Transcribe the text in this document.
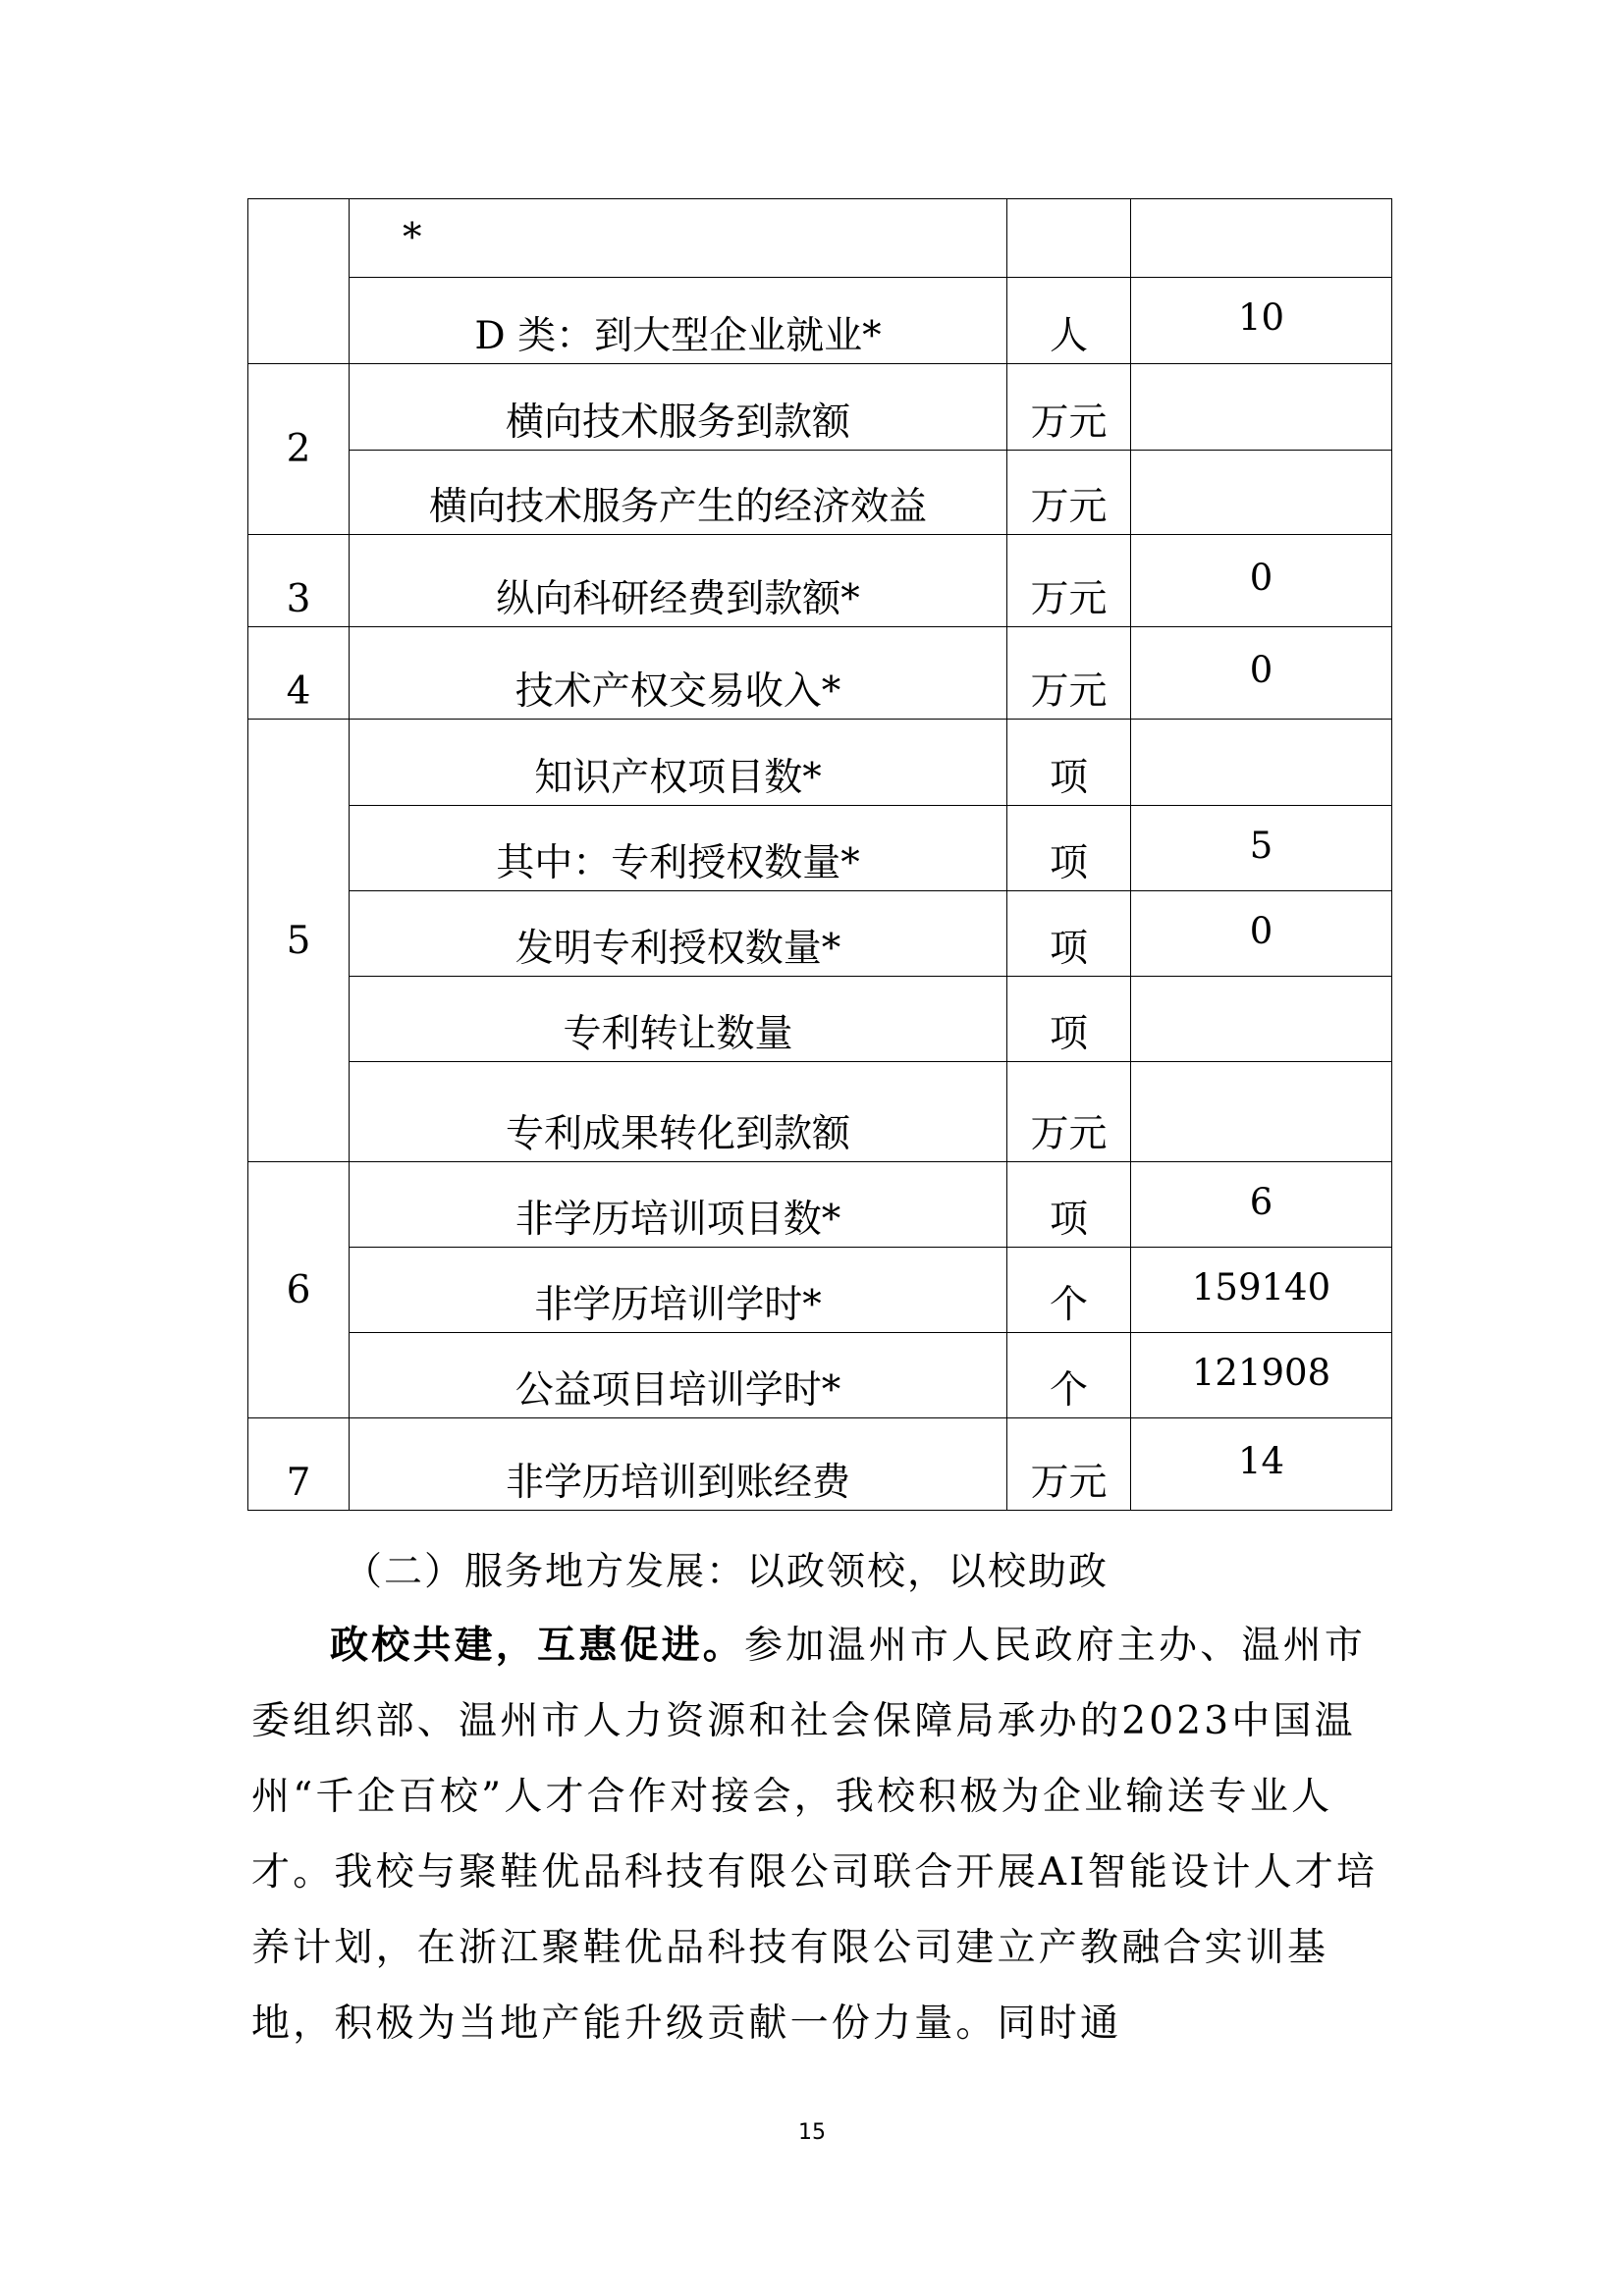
	*		
	D 类：到大型企业就业*	人	10
2	横向技术服务到款额	万元	
	横向技术服务产生的经济效益	万元	
3	纵向科研经费到款额*	万元	0
4	技术产权交易收入*	万元	0
5	知识产权项目数*	项	
	其中：专利授权数量*	项	5
	发明专利授权数量*	项	0
	专利转让数量	项	
	专利成果转化到款额	万元	
6	非学历培训项目数*	项	6
	非学历培训学时*	个	159140
	公益项目培训学时*	个	121908
7	非学历培训到账经费	万元	14
（二）服务地方发展：以政领校，以校助政
政校共建，互惠促进。参加温州市人民政府主办、温州市委组织部、温州市人力资源和社会保障局承办的2023中国温州“千企百校”人才合作对接会，我校积极为企业输送专业人才。我校与聚鞋优品科技有限公司联合开展AI智能设计人才培养计划，在浙江聚鞋优品科技有限公司建立产教融合实训基地，积极为当地产能升级贡献一份力量。同时通
15
